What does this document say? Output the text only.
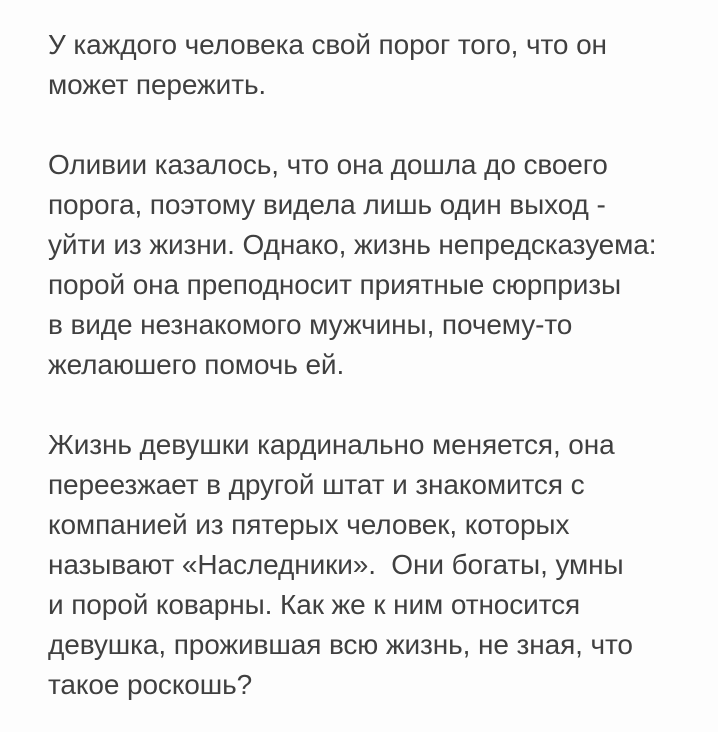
У каждого человека свой порог того, что он
может пережить.
Оливии казалось, что она дошла до своего
порога, поэтому видела лишь один выход -
уйти из жизни. Однако, жизнь непредсказуема:
порой она преподносит приятные сюрпризы
в виде незнакомого мужчины, почему-то
желаюшего помочь ей.
Жизнь девушки кардинально меняется, она
переезжает в другой штат и знакомится с
компанией из пятерых человек, которых
называют «Наследники».  Они богаты, умны
и порой коварны. Как же к ним относится
девушка, прожившая всю жизнь, не зная, что
такое роскошь?
